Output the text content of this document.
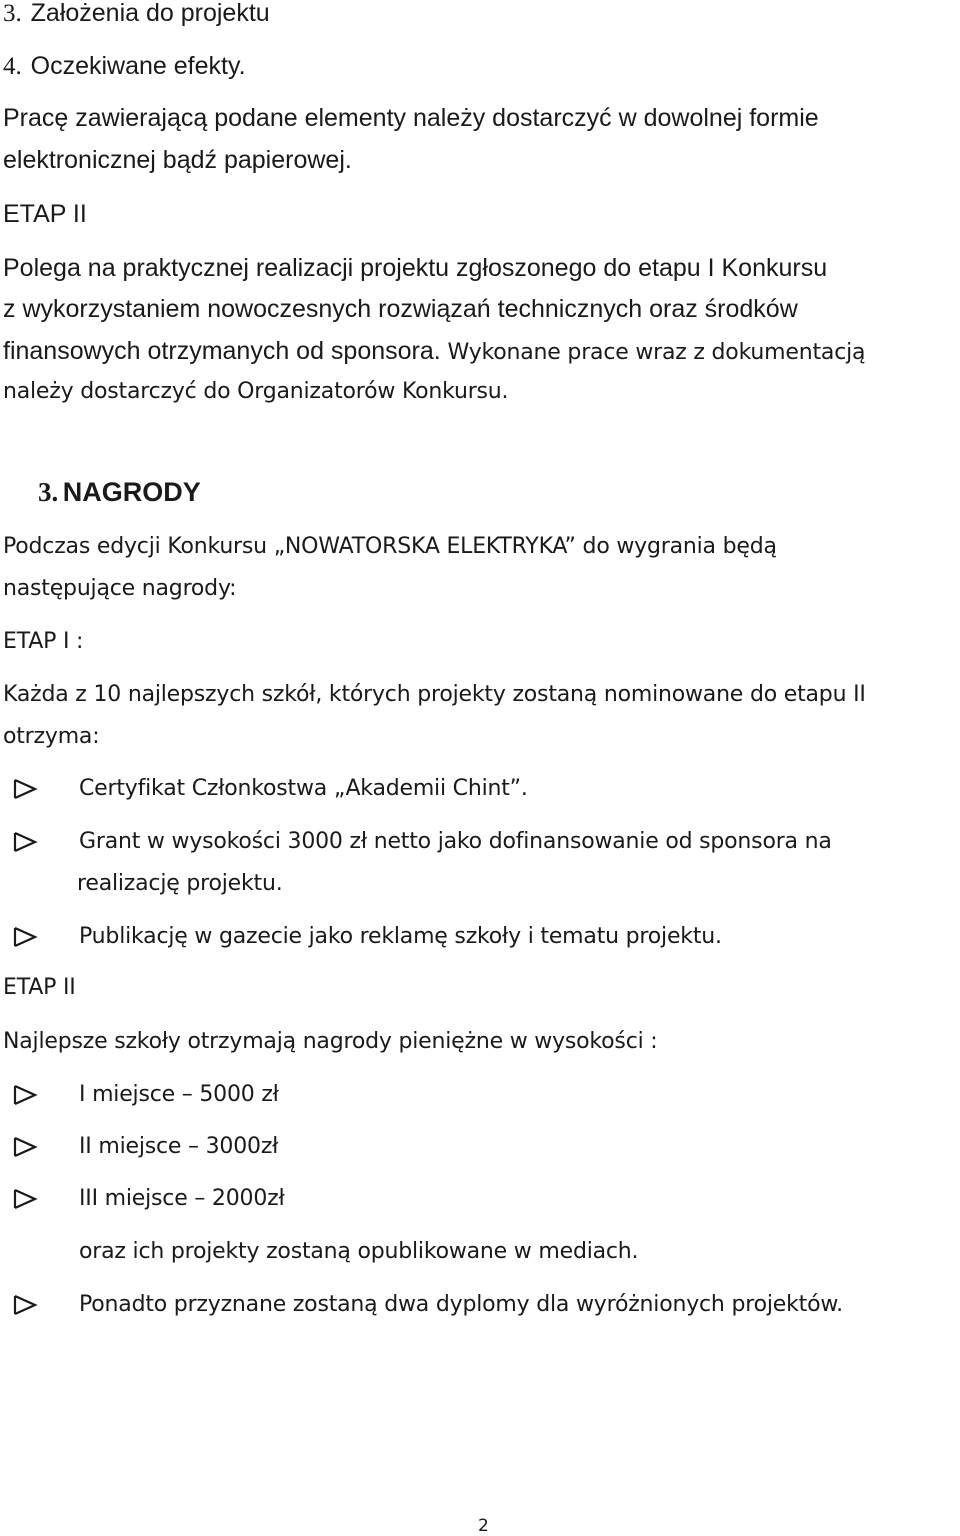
3. Założenia do projektu
4. Oczekiwane efekty.
Pracę zawierającą podane elementy należy dostarczyć w dowolnej formie
elektronicznej bądź papierowej.
ETAP II
Polega na praktycznej realizacji projektu zgłoszonego do etapu I Konkursu
z wykorzystaniem nowoczesnych rozwiązań technicznych oraz środków
finansowych otrzymanych od sponsora. Wykonane prace wraz z dokumentacją
należy dostarczyć do Organizatorów Konkursu.
3. NAGRODY
Podczas edycji Konkursu „NOWATORSKA ELEKTRYKA” do wygrania będą
następujące nagrody:
ETAP I :
Każda z 10 najlepszych szkół, których projekty zostaną nominowane do etapu II
otrzyma:
Certyfikat Członkostwa „Akademii Chint”.
Grant w wysokości 3000 zł netto jako dofinansowanie od sponsora na
realizację projektu.
Publikację w gazecie jako reklamę szkoły i tematu projektu.
ETAP II
Najlepsze szkoły otrzymają nagrody pieniężne w wysokości :
I miejsce – 5000 zł
II miejsce – 3000zł
III miejsce – 2000zł
oraz ich projekty zostaną opublikowane w mediach.
Ponadto przyznane zostaną dwa dyplomy dla wyróżnionych projektów.
2
